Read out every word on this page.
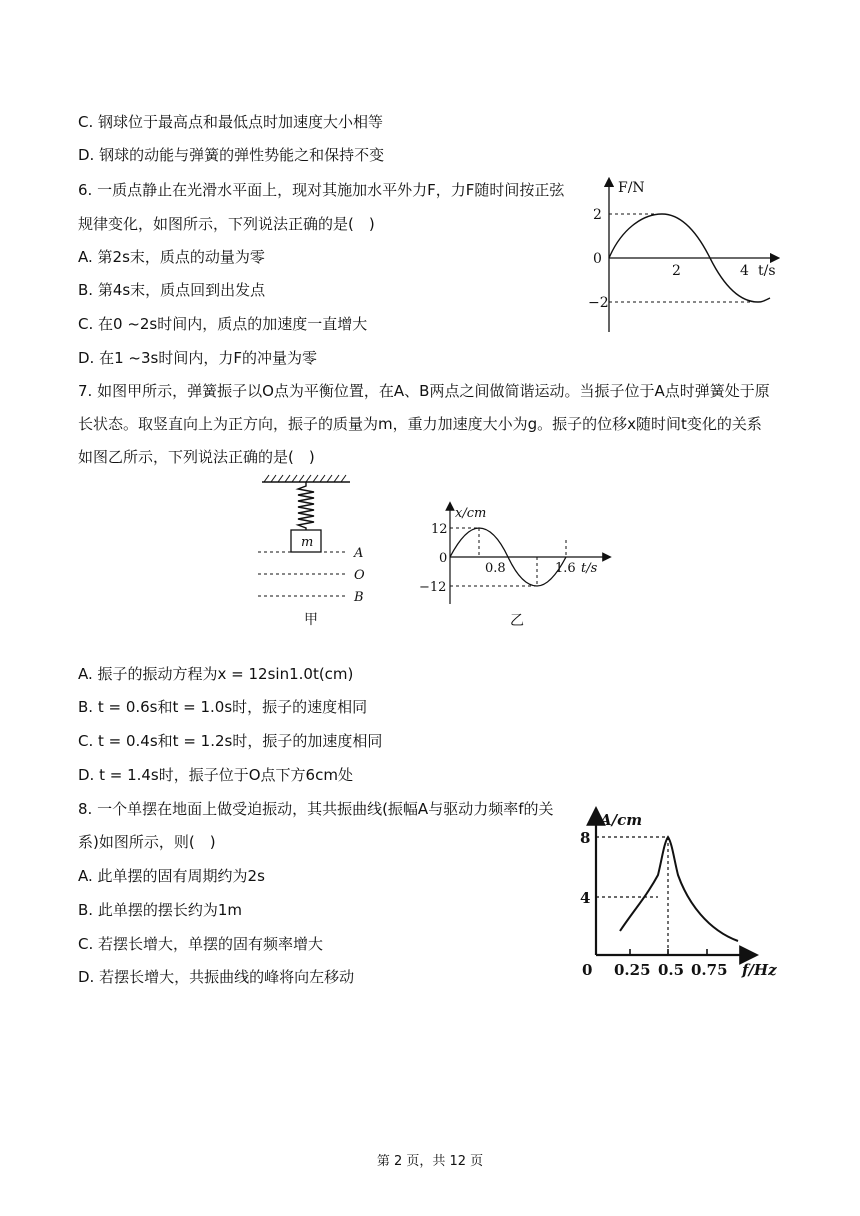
C. 钢球位于最高点和最低点时加速度大小相等
D. 钢球的动能与弹簧的弹性势能之和保持不变
6. 一质点静止在光滑水平面上，现对其施加水平外力F，力F随时间按正弦
规律变化，如图所示，下列说法正确的是(　)
A. 第2s末，质点的动量为零
B. 第4s末，质点回到出发点
C. 在0 ~2s时间内，质点的加速度一直增大
D. 在1 ~3s时间内，力F的冲量为零
F/N
2
0
−2
2	4 t/s
7. 如图甲所示，弹簧振子以O点为平衡位置，在A、B两点之间做简谐运动。当振子位于A点时弹簧处于原
长状态。取竖直向上为正方向，振子的质量为m，重力加速度大小为g。振子的位移x随时间t变化的关系
如图乙所示，下列说法正确的是(　)
m
A
O
B
甲
x/cm
12
0
−12
0.8	1.6 t/s
乙
A. 振子的振动方程为x = 12sin1.0t(cm)
B. t = 0.6s和t = 1.0s时，振子的速度相同
C. t = 0.4s和t = 1.2s时，振子的加速度相同
D. t = 1.4s时，振子位于O点下方6cm处
8. 一个单摆在地面上做受迫振动，其共振曲线(振幅A与驱动力频率f的关
系)如图所示，则(　)
A. 此单摆的固有周期约为2s
B. 此单摆的摆长约为1m
C. 若摆长增大，单摆的固有频率增大
D. 若摆长增大，共振曲线的峰将向左移动
A/cm
8
4
0 0.25 0.5 0.75 f/Hz
第 2 页，共 12 页
